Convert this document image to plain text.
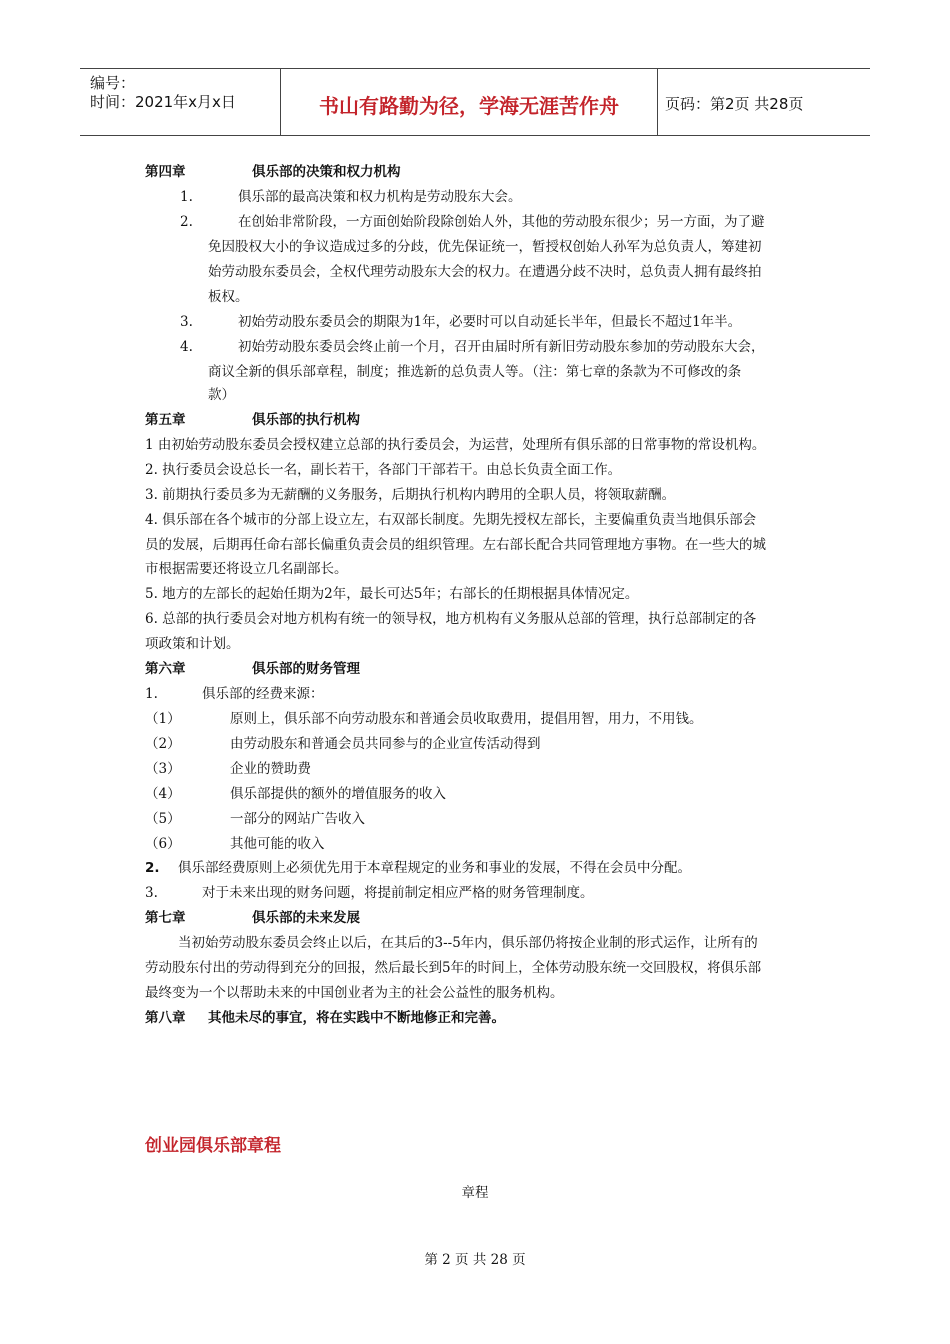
编号：
时间：2021年x月x日	书山有路勤为径，学海无涯苦作舟	页码：第2页 共28页
第四章	俱乐部的决策和权力机构
1.	俱乐部的最高决策和权力机构是劳动股东大会。
2.	在创始非常阶段，一方面创始阶段除创始人外，其他的劳动股东很少；另一方面，为了避
免因股权大小的争议造成过多的分歧，优先保证统一，暂授权创始人孙军为总负责人，筹建初
始劳动股东委员会，全权代理劳动股东大会的权力。在遭遇分歧不决时，总负责人拥有最终拍
板权。
3.	初始劳动股东委员会的期限为1年，必要时可以自动延长半年，但最长不超过1年半。
4.	初始劳动股东委员会终止前一个月，召开由届时所有新旧劳动股东参加的劳动股东大会，
商议全新的俱乐部章程，制度；推选新的总负责人等。（注：第七章的条款为不可修改的条
款）
第五章	俱乐部的执行机构
1 由初始劳动股东委员会授权建立总部的执行委员会，为运营，处理所有俱乐部的日常事物的常设机构。
2. 执行委员会设总长一名，副长若干，各部门干部若干。由总长负责全面工作。
3. 前期执行委员多为无薪酬的义务服务，后期执行机构内聘用的全职人员，将领取薪酬。
4. 俱乐部在各个城市的分部上设立左，右双部长制度。先期先授权左部长，主要偏重负责当地俱乐部会
员的发展，后期再任命右部长偏重负责会员的组织管理。左右部长配合共同管理地方事物。在一些大的城
市根据需要还将设立几名副部长。
5. 地方的左部长的起始任期为2年，最长可达5年；右部长的任期根据具体情况定。
6. 总部的执行委员会对地方机构有统一的领导权，地方机构有义务服从总部的管理，执行总部制定的各
项政策和计划。
第六章	俱乐部的财务管理
1.	俱乐部的经费来源：
（1）	原则上，俱乐部不向劳动股东和普通会员收取费用，提倡用智，用力，不用钱。
（2）	由劳动股东和普通会员共同参与的企业宣传活动得到
（3）	企业的赞助费
（4）	俱乐部提供的额外的增值服务的收入
（5）	一部分的网站广告收入
（6）	其他可能的收入
2. 俱乐部经费原则上必须优先用于本章程规定的业务和事业的发展，不得在会员中分配。
3.	对于未来出现的财务问题，将提前制定相应严格的财务管理制度。
第七章	俱乐部的未来发展
当初始劳动股东委员会终止以后，在其后的3--5年内，俱乐部仍将按企业制的形式运作，让所有的
劳动股东付出的劳动得到充分的回报，然后最长到5年的时间上，全体劳动股东统一交回股权，将俱乐部
最终变为一个以帮助未来的中国创业者为主的社会公益性的服务机构。
第八章 其他未尽的事宜，将在实践中不断地修正和完善。
创业园俱乐部章程
章程
第 2 页 共 28 页
